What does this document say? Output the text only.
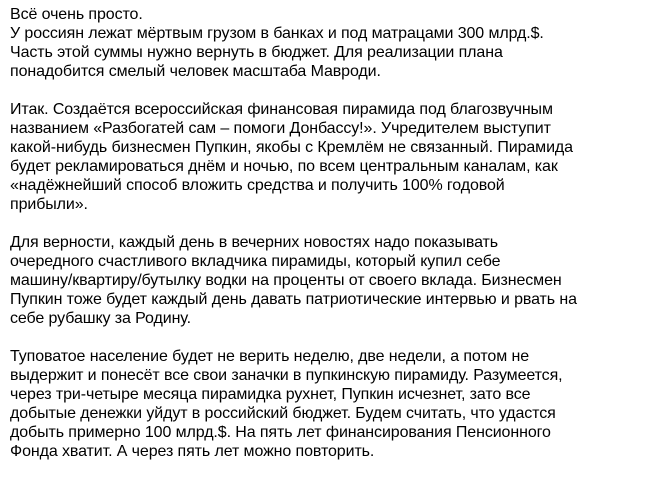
Всё очень просто.
У россиян лежат мёртвым грузом в банках и под матрацами 300 млрд.$.
Часть этой суммы нужно вернуть в бюджет. Для реализации плана
понадобится смелый человек масштаба Мавроди.

Итак. Создаётся всероссийская финансовая пирамида под благозвучным
названием «Разбогатей сам – помоги Донбассу!». Учредителем выступит
какой-нибудь бизнесмен Пупкин, якобы с Кремлём не связанный. Пирамида
будет рекламироваться днём и ночью, по всем центральным каналам, как
«надёжнейший способ вложить средства и получить 100% годовой
прибыли».

Для верности, каждый день в вечерних новостях надо показывать
очередного счастливого вкладчика пирамиды, который купил себе
машину/квартиру/бутылку водки на проценты от своего вклада. Бизнесмен
Пупкин тоже будет каждый день давать патриотические интервью и рвать на
себе рубашку за Родину.

Туповатое население будет не верить неделю, две недели, а потом не
выдержит и понесёт все свои заначки в пупкинскую пирамиду. Разумеется,
через три-четыре месяца пирамидка рухнет, Пупкин исчезнет, зато все
добытые денежки уйдут в российский бюджет. Будем считать, что удастся
добыть примерно 100 млрд.$. На пять лет финансирования Пенсионного
Фонда хватит. А через пять лет можно повторить.
